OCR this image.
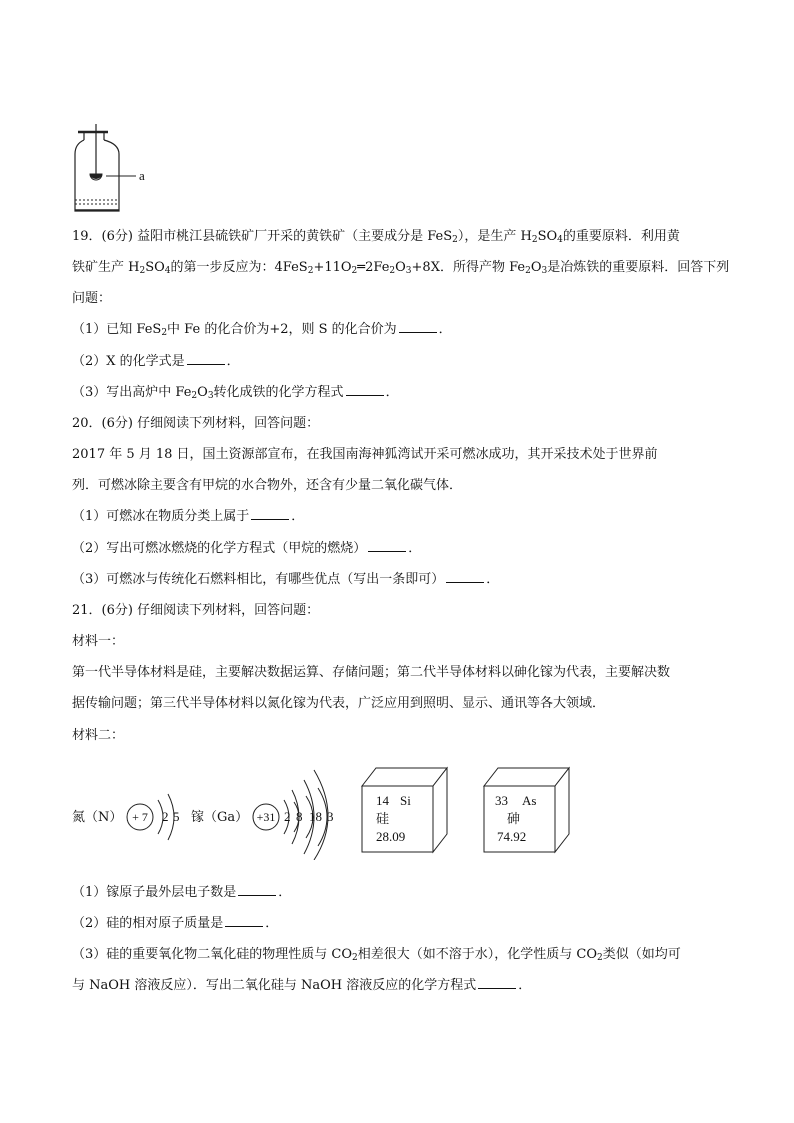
a
19．(6分) 益阳市桃江县硫铁矿厂开采的黄铁矿（主要成分是 FeS$_2$），是生产 $H_2SO_4$的重要原料．利用黄
铁矿生产 $H_2SO_4$的第一步反应为：$4FeS_2+11O_2═2Fe_2O_3+8X$．所得产物 $Fe_2O_3$是冶炼铁的重要原料．回答下列
问题：
（1）已知 FeS$_2$中 Fe 的化合价为+2，则 S 的化合价为	．
（2）X 的化学式是	．
（3）写出高炉中 $Fe_2O_3$转化成铁的化学方程式	．
20．(6分) 仔细阅读下列材料，回答问题：
2017 年 5 月 18 日，国土资源部宣布，在我国南海神狐湾试开采可燃冰成功，其开采技术处于世界前
列．可燃冰除主要含有甲烷的水合物外，还含有少量二氧化碳气体．
（1）可燃冰在物质分类上属于	．
（2）写出可燃冰燃烧的化学方程式（甲烷的燃烧）	．
（3）可燃冰与传统化石燃料相比，有哪些优点（写出一条即可）	．
21．(6分) 仔细阅读下列材料，回答问题：
材料一：
第一代半导体材料是硅，主要解决数据运算、存储问题；第二代半导体材料以砷化镓为代表，主要解决数
据传输问题；第三代半导体材料以氮化镓为代表，广泛应用到照明、显示、通讯等各大领域．
材料二：
氮（N） + 7 2 5 镓（Ga） +31 2 8 18 3
14 Si
硅
28.09
33 As
砷
74.92
（1）镓原子最外层电子数是	．
（2）硅的相对原子质量是	．
（3）硅的重要氧化物二氧化硅的物理性质与 $CO_2$相差很大（如不溶于水），化学性质与 $CO_2$类似（如均可
与 NaOH 溶液反应）．写出二氧化硅与 NaOH 溶液反应的化学方程式	．
